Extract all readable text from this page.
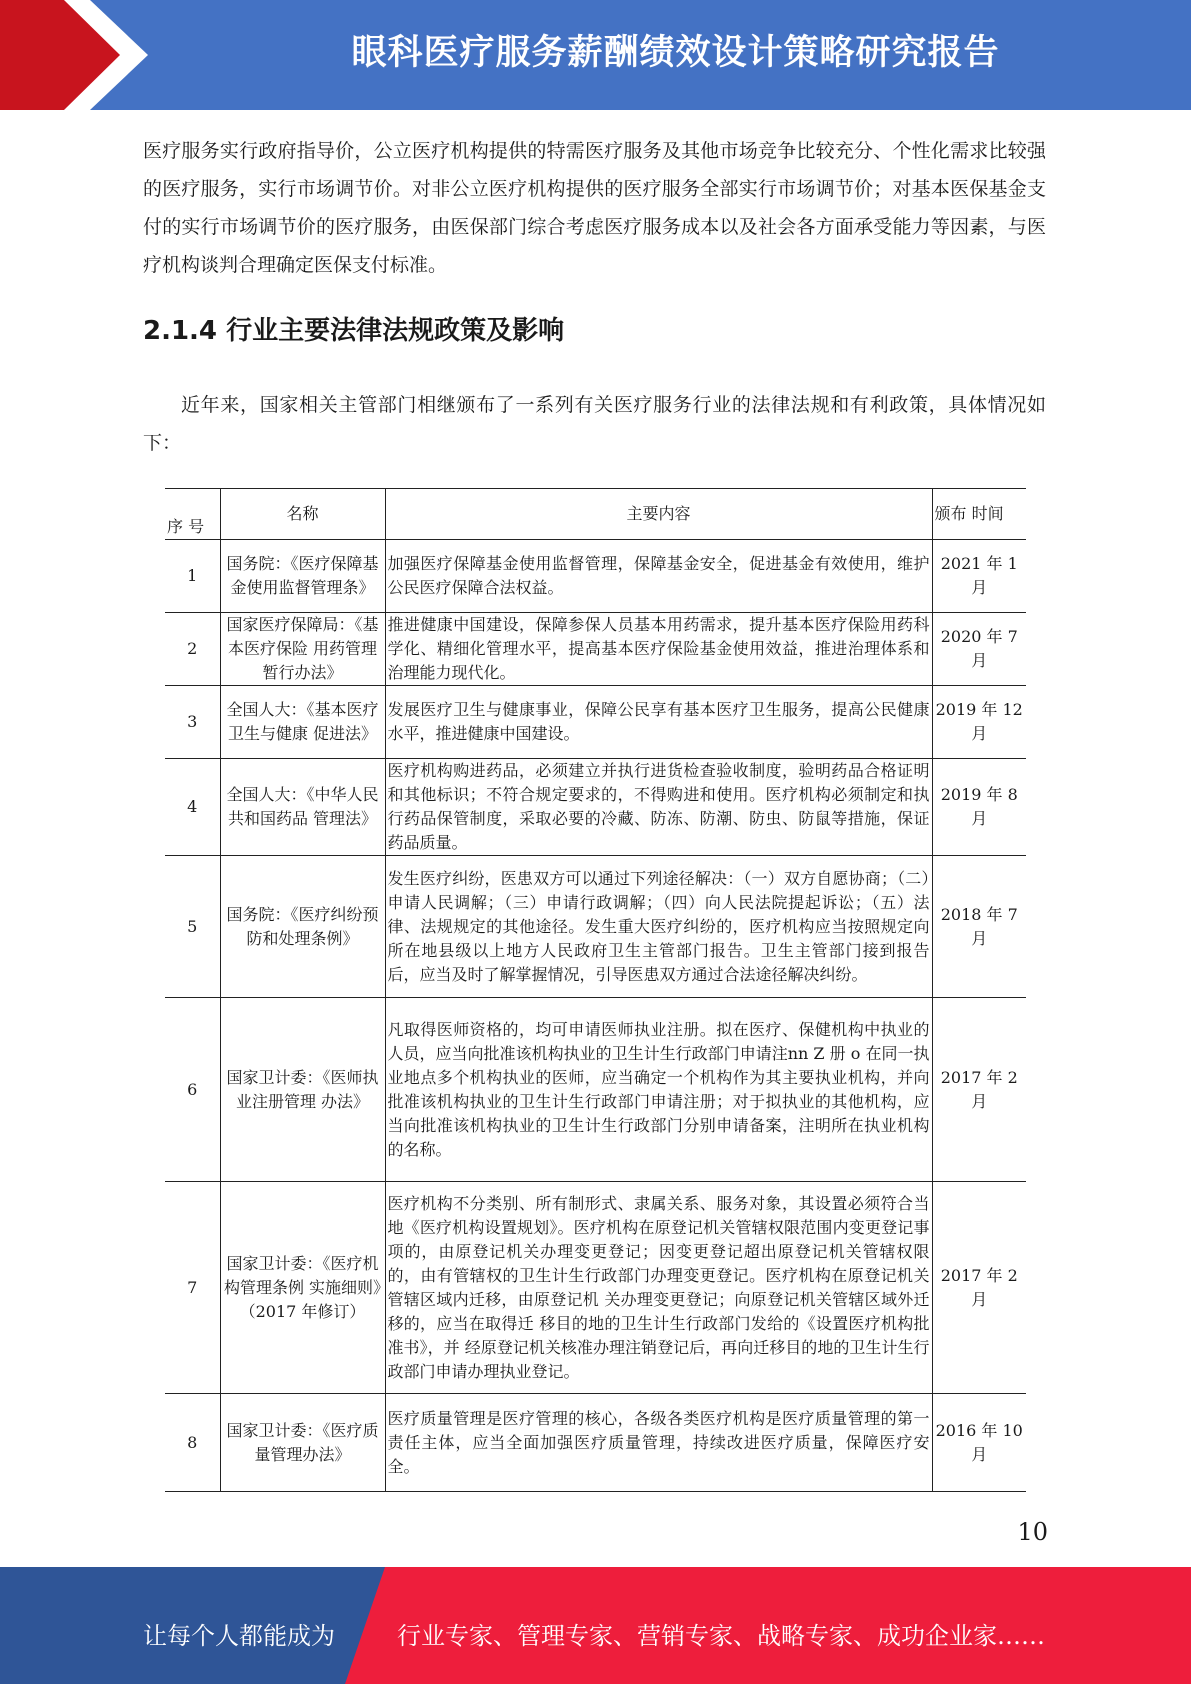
眼科医疗服务薪酬绩效设计策略研究报告
医疗服务实行政府指导价，公立医疗机构提供的特需医疗服务及其他市场竞争比较充分、个性化需求比较强的医疗服务，实行市场调节价。对非公立医疗机构提供的医疗服务全部实行市场调节价；对基本医保基金支付的实行市场调节价的医疗服务，由医保部门综合考虑医疗服务成本以及社会各方面承受能力等因素，与医疗机构谈判合理确定医保支付标准。
2.1.4 行业主要法律法规政策及影响
近年来，国家相关主管部门相继颁布了一系列有关医疗服务行业的法律法规和有利政策，具体情况如下：
序 号	名称	主要内容	颁布 时间
1	国务院：《医疗保障基金使用监督管理条》	加强医疗保障基金使用监督管理，保障基金安全，促进基金有效使用，维护公民医疗保障合法权益。	2021 年 1 月
2	国家医疗保障局：《基本医疗保险 用药管理暂行办法》	推进健康中国建设，保障参保人员基本用药需求，提升基本医疗保险用药科学化、精细化管理水平，提高基本医疗保险基金使用效益，推进治理体系和治理能力现代化。	2020 年 7 月
3	全国人大：《基本医疗卫生与健康 促进法》	发展医疗卫生与健康事业，保障公民享有基本医疗卫生服务，提高公民健康水平，推进健康中国建设。	2019 年 12 月
4	全国人大：《中华人民共和国药品 管理法》	医疗机构购进药品，必须建立并执行进货检查验收制度，验明药品合格证明和其他标识；不符合规定要求的，不得购进和使用。医疗机构必须制定和执行药品保管制度，采取必要的冷藏、防冻、防潮、防虫、防鼠等措施，保证药品质量。	2019 年 8 月
5	国务院：《医疗纠纷预防和处理条例》	发生医疗纠纷，医患双方可以通过下列途径解决：（一）双方自愿协商；（二）申请人民调解；（三）申请行政调解；（四）向人民法院提起诉讼；（五）法律、法规规定的其他途径。发生重大医疗纠纷的，医疗机构应当按照规定向所在地县级以上地方人民政府卫生主管部门报告。卫生主管部门接到报告后，应当及时了解掌握情况，引导医患双方通过合法途径解决纠纷。	2018 年 7 月
6	国家卫计委：《医师执业注册管理 办法》	凡取得医师资格的，均可申请医师执业注册。拟在医疗、保健机构中执业的人员，应当向批准该机构执业的卫生计生行政部门申请注nn Z 册 o 在同一执业地点多个机构执业的医师，应当确定一个机构作为其主要执业机构，并向批准该机构执业的卫生计生行政部门申请注册；对于拟执业的其他机构，应当向批准该机构执业的卫生计生行政部门分别申请备案，注明所在执业机构的名称。	2017 年 2 月
7	国家卫计委：《医疗机构管理条例 实施细则》（2017 年修订）	医疗机构不分类别、所有制形式、隶属关系、服务对象，其设置必须符合当地《医疗机构设置规划》。医疗机构在原登记机关管辖权限范围内变更登记事项的，由原登记机关办理变更登记；因变更登记超出原登记机关管辖权限的，由有管辖权的卫生计生行政部门办理变更登记。医疗机构在原登记机关管辖区域内迁移，由原登记机 关办理变更登记；向原登记机关管辖区域外迁移的，应当在取得迁 移目的地的卫生计生行政部门发给的《设置医疗机构批准书》，并 经原登记机关核准办理注销登记后，再向迁移目的地的卫生计生行 政部门申请办理执业登记。	2017 年 2 月
8	国家卫计委：《医疗质量管理办法》	医疗质量管理是医疗管理的核心，各级各类医疗机构是医疗质量管理的第一责任主体，应当全面加强医疗质量管理，持续改进医疗质量，保障医疗安全。	2016 年 10 月
10
让每个人都能成为	行业专家、管理专家、营销专家、战略专家、成功企业家……
